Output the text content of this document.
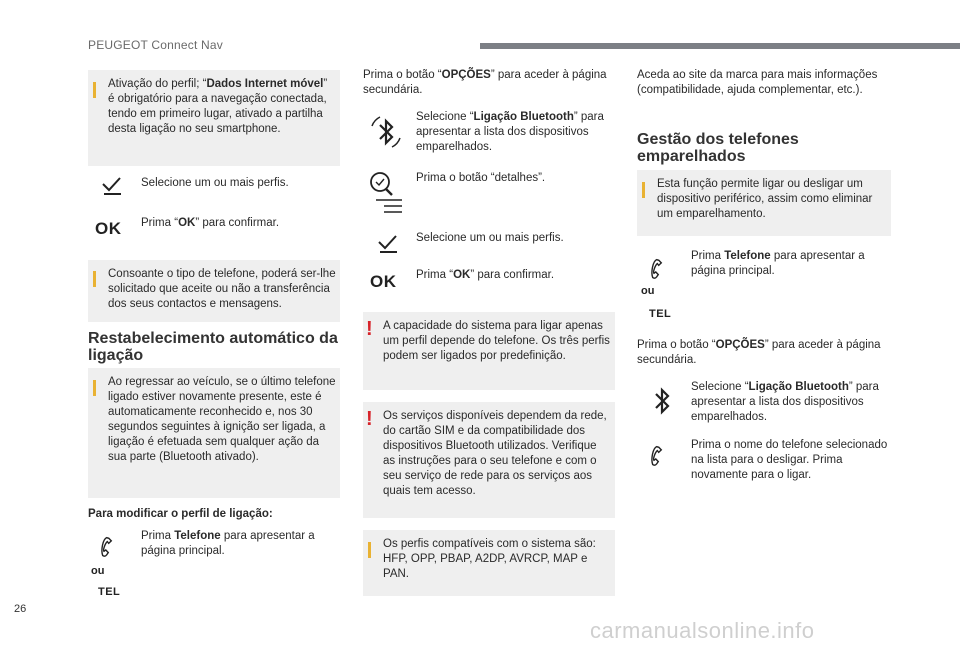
PEUGEOT Connect Nav
Ativação do perfil; “Dados Internet móvel” é obrigatório para a navegação conectada, tendo em primeiro lugar, ativado a partilha desta ligação no seu smartphone.
Selecione um ou mais perfis.
OK Prima “OK” para confirmar.
Consoante o tipo de telefone, poderá ser-lhe solicitado que aceite ou não a transferência dos seus contactos e mensagens.
Restabelecimento automático da ligação
Ao regressar ao veículo, se o último telefone ligado estiver novamente presente, este é automaticamente reconhecido e, nos 30 segundos seguintes à ignição ser ligada, a ligação é efetuada sem qualquer ação da sua parte (Bluetooth ativado).
Para modificar o perfil de ligação:
Prima Telefone para apresentar a página principal.
ou
TEL
Prima o botão “OPÇÕES” para aceder à página secundária.
Selecione “Ligação Bluetooth” para apresentar a lista dos dispositivos emparelhados.
Prima o botão “detalhes”.
Selecione um ou mais perfis.
OK Prima “OK” para confirmar.
! A capacidade do sistema para ligar apenas um perfil depende do telefone. Os três perfis podem ser ligados por predefinição.
! Os serviços disponíveis dependem da rede, do cartão SIM e da compatibilidade dos dispositivos Bluetooth utilizados. Verifique as instruções para o seu telefone e com o seu serviço de rede para os serviços aos quais tem acesso.
Os perfis compatíveis com o sistema são: HFP, OPP, PBAP, A2DP, AVRCP, MAP e PAN.
Aceda ao site da marca para mais informações (compatibilidade, ajuda complementar, etc.).
Gestão dos telefones emparelhados
Esta função permite ligar ou desligar um dispositivo periférico, assim como eliminar um emparelhamento.
Prima Telefone para apresentar a página principal.
ou
TEL
Prima o botão “OPÇÕES” para aceder à página secundária.
Selecione “Ligação Bluetooth” para apresentar a lista dos dispositivos emparelhados.
Prima o nome do telefone selecionado na lista para o desligar. Prima novamente para o ligar.
26
carmanualsonline.info
